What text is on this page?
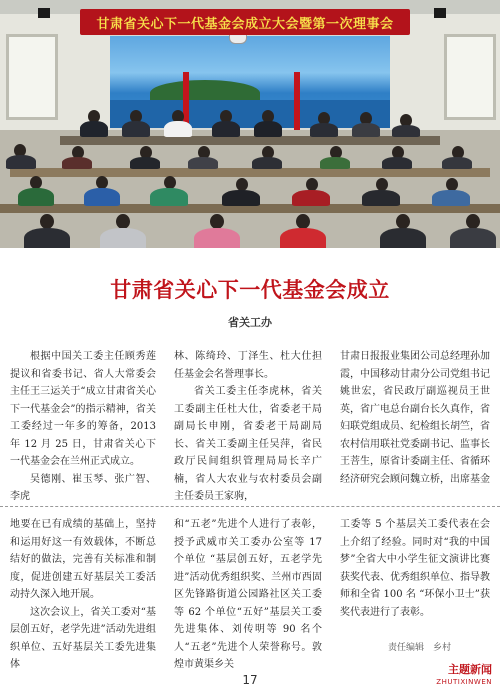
甘肃省关心下一代基金会成立大会暨第一次理事会
甘肃省关心下一代基金会成立
省关工办

根据中国关工委主任顾秀莲提议和省委书记、省人大常委会主任王三运关于“成立甘肃省关心下一代基金会”的指示精神，省关工委经过一年多的筹备，2013 年 12 月 25 日，甘肃省关心下一代基金会在兰州正式成立。

吴德刚、崔玉琴、张广智、李虎

林、陈绮玲、丁泽生、杜大仕担任基金会名誉理事长。

省关工委主任李虎林，省关工委副主任杜大仕，省委老干局副局长申刚，省委老干局副局长、省关工委副主任吴萍，省民政厅民间组织管理局局长辛广楠，省人大农业与农村委员会副主任委员王家驹，

甘肃日报报业集团公司总经理孙加霞，中国移动甘肃分公司党组书记姚世宏，省民政厅副巡视员王世英，省广电总台副台长久真作，省妇联党组成员、纪检组长胡竺，省农村信用联社党委副书记、监事长王菩生，原省计委副主任、省循环经济研究会顾问魏立桥，出席基金

地要在已有成绩的基础上，坚持和运用好这一有效载体，不断总结好的做法，完善有关标准和制度，促进创建五好基层关工委活动持久深入地开展。

这次会议上，省关工委对“基层创五好，老学先进”活动先进组织单位、五好基层关工委先进集体

和“五老”先进个人进行了表彰，授予武威市关工委办公室等 17 个单位 “基层创五好，五老学先进”活动优秀组织奖、兰州市西固区先锋路街道公园路社区关工委等 62 个单位“五好”基层关工委先进集体、刘传明等 90 名个人“五老”先进个人荣誉称号。敦煌市黄渠乡关

工委等 5 个基层关工委代表在会上介绍了经验。同时对“我的中国梦”全省大中小学生征文演讲比赛获奖代表、优秀组织单位、指导教师和全省 100 名 “环保小卫士”获奖代表进行了表彰。

责任编辑　乡村
17
主题新闻
ZHUTIXINWEN
